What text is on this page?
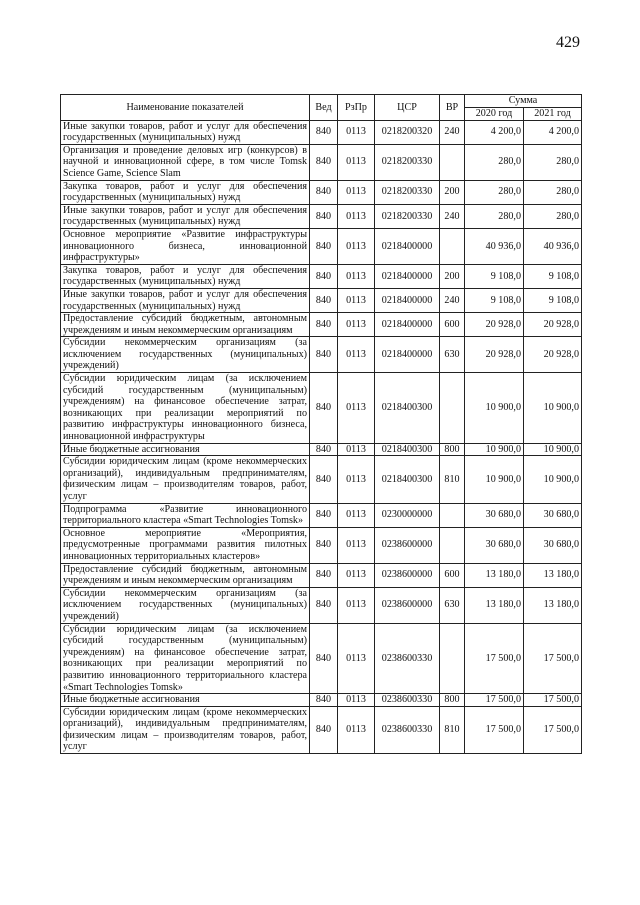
429
Наименование показателей	Вед	РзПр	ЦСР	ВР	Сумма	
					2020 год	2021 год
Иные закупки товаров, работ и услуг для обеспечения государственных (муниципальных) нужд	840	0113	0218200320	240	4 200,0	4 200,0
Организация и проведение деловых игр (конкурсов) в научной и инновационной сфере, в том числе Tomsk Science Game, Science Slam	840	0113	0218200330		280,0	280,0
Закупка товаров, работ и услуг для обеспечения государственных (муниципальных) нужд	840	0113	0218200330	200	280,0	280,0
Иные закупки товаров, работ и услуг для обеспечения государственных (муниципальных) нужд	840	0113	0218200330	240	280,0	280,0
Основное мероприятие «Развитие инфраструктуры инновационного бизнеса, инновационной инфраструктуры»	840	0113	0218400000		40 936,0	40 936,0
Закупка товаров, работ и услуг для обеспечения государственных (муниципальных) нужд	840	0113	0218400000	200	9 108,0	9 108,0
Иные закупки товаров, работ и услуг для обеспечения государственных (муниципальных) нужд	840	0113	0218400000	240	9 108,0	9 108,0
Предоставление субсидий бюджетным, автономным учреждениям и иным некоммерческим организациям	840	0113	0218400000	600	20 928,0	20 928,0
Субсидии некоммерческим организациям (за исключением государственных (муниципальных) учреждений)	840	0113	0218400000	630	20 928,0	20 928,0
Субсидии юридическим лицам (за исключением субсидий государственным (муниципальным) учреждениям) на финансовое обеспечение затрат, возникающих при реализации мероприятий по развитию инфраструктуры инновационного бизнеса, инновационной инфраструктуры	840	0113	0218400300		10 900,0	10 900,0
Иные бюджетные ассигнования	840	0113	0218400300	800	10 900,0	10 900,0
Субсидии юридическим лицам (кроме некоммерческих организаций), индивидуальным предпринимателям, физическим лицам – производителям товаров, работ, услуг	840	0113	0218400300	810	10 900,0	10 900,0
Подпрограмма «Развитие инновационного территориального кластера «Smart Technologies Tomsk»	840	0113	0230000000		30 680,0	30 680,0
Основное мероприятие «Мероприятия, предусмотренные программами развития пилотных инновационных территориальных кластеров»	840	0113	0238600000		30 680,0	30 680,0
Предоставление субсидий бюджетным, автономным учреждениям и иным некоммерческим организациям	840	0113	0238600000	600	13 180,0	13 180,0
Субсидии некоммерческим организациям (за исключением государственных (муниципальных) учреждений)	840	0113	0238600000	630	13 180,0	13 180,0
Субсидии юридическим лицам (за исключением субсидий государственным (муниципальным) учреждениям) на финансовое обеспечение затрат, возникающих при реализации мероприятий по развитию инновационного территориального кластера «Smart Technologies Tomsk»	840	0113	0238600330		17 500,0	17 500,0
Иные бюджетные ассигнования	840	0113	0238600330	800	17 500,0	17 500,0
Субсидии юридическим лицам (кроме некоммерческих организаций), индивидуальным предпринимателям, физическим лицам – производителям товаров, работ, услуг	840	0113	0238600330	810	17 500,0	17 500,0
